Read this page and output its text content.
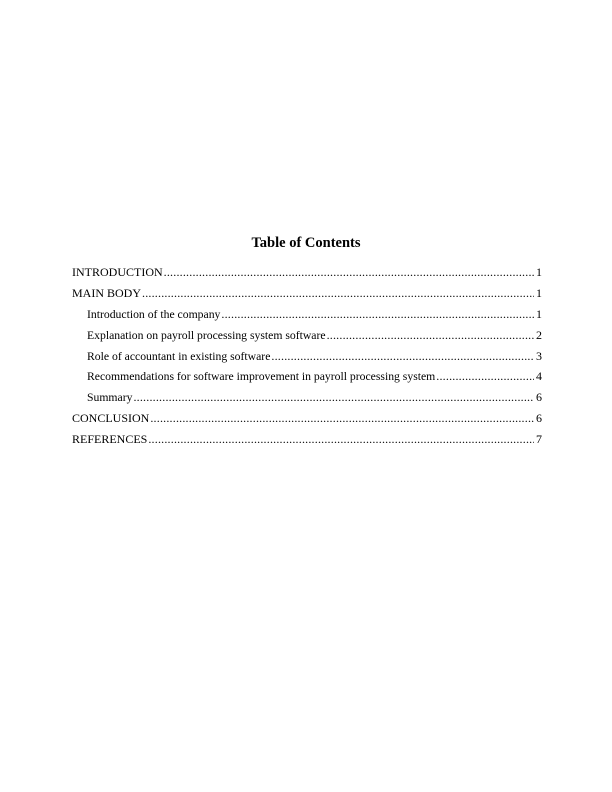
Table of Contents
INTRODUCTION .....	1
MAIN BODY .....	1
Introduction of the company .....	1
Explanation on payroll processing system software .....	2
Role of accountant in existing software .....	3
Recommendations for software improvement in payroll processing system .....	4
Summary .....	6
CONCLUSION .....	6
REFERENCES .....	7
